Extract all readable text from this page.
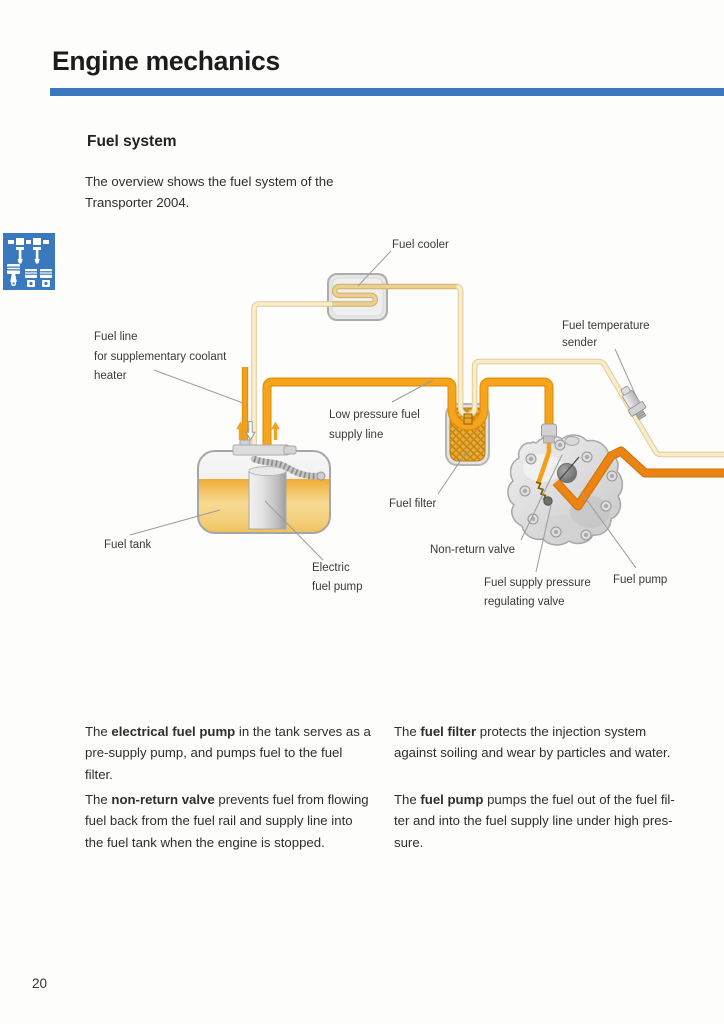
Engine mechanics
Fuel system
The overview shows the fuel system of the
Transporter 2004.
Fuel cooler
Fuel line
for supplementary coolant
heater
Low pressure fuel
supply line
Fuel filter
Fuel tank
Electric
fuel pump
Non-return valve
Fuel supply pressure
regulating valve
Fuel pump
Fuel temperature
sender
The electrical fuel pump in the tank serves as a
pre-supply pump, and pumps fuel to the fuel
filter.
The non-return valve prevents fuel from flowing
fuel back from the fuel rail and supply line into
the fuel tank when the engine is stopped.
The fuel filter protects the injection system
against soiling and wear by particles and water.
The fuel pump pumps the fuel out of the fuel fil-
ter and into the fuel supply line under high pres-
sure.
20
